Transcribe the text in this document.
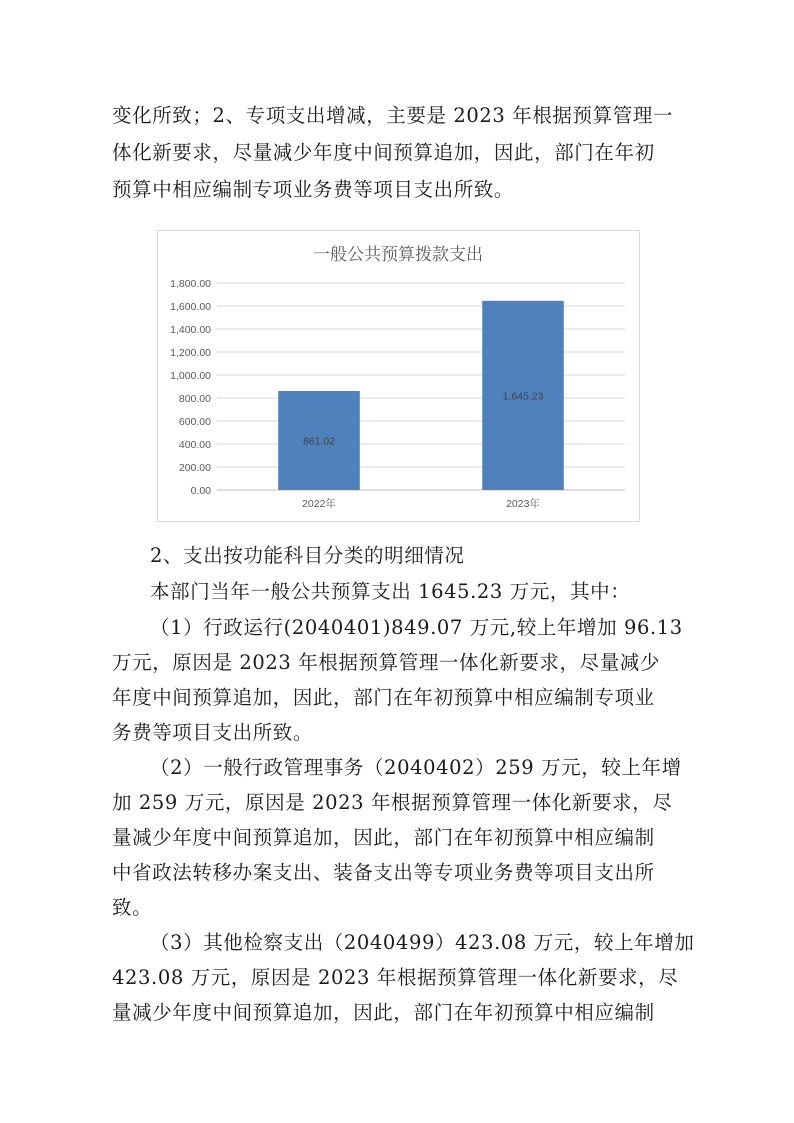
变化所致；2、专项支出增减，主要是 2023 年根据预算管理一
体化新要求，尽量减少年度中间预算追加，因此，部门在年初
预算中相应编制专项业务费等项目支出所致。
一般公共预算拨款支出
0.00
200.00
400.00
600.00
800.00
1,000.00
1,200.00
1,400.00
1,600.00
1,800.00
861.02
2022年
1,645.23
2023年
2、支出按功能科目分类的明细情况
本部门当年一般公共预算支出 1645.23 万元，其中：
（1）行政运行(2040401)849.07 万元,较上年增加 96.13
万元，原因是 2023 年根据预算管理一体化新要求，尽量减少
年度中间预算追加，因此，部门在年初预算中相应编制专项业
务费等项目支出所致。
（2）一般行政管理事务（2040402）259 万元，较上年增
加 259 万元，原因是 2023 年根据预算管理一体化新要求，尽
量减少年度中间预算追加，因此，部门在年初预算中相应编制
中省政法转移办案支出、装备支出等专项业务费等项目支出所
致。
（3）其他检察支出（2040499）423.08 万元，较上年增加
423.08 万元，原因是 2023 年根据预算管理一体化新要求，尽
量减少年度中间预算追加，因此，部门在年初预算中相应编制
